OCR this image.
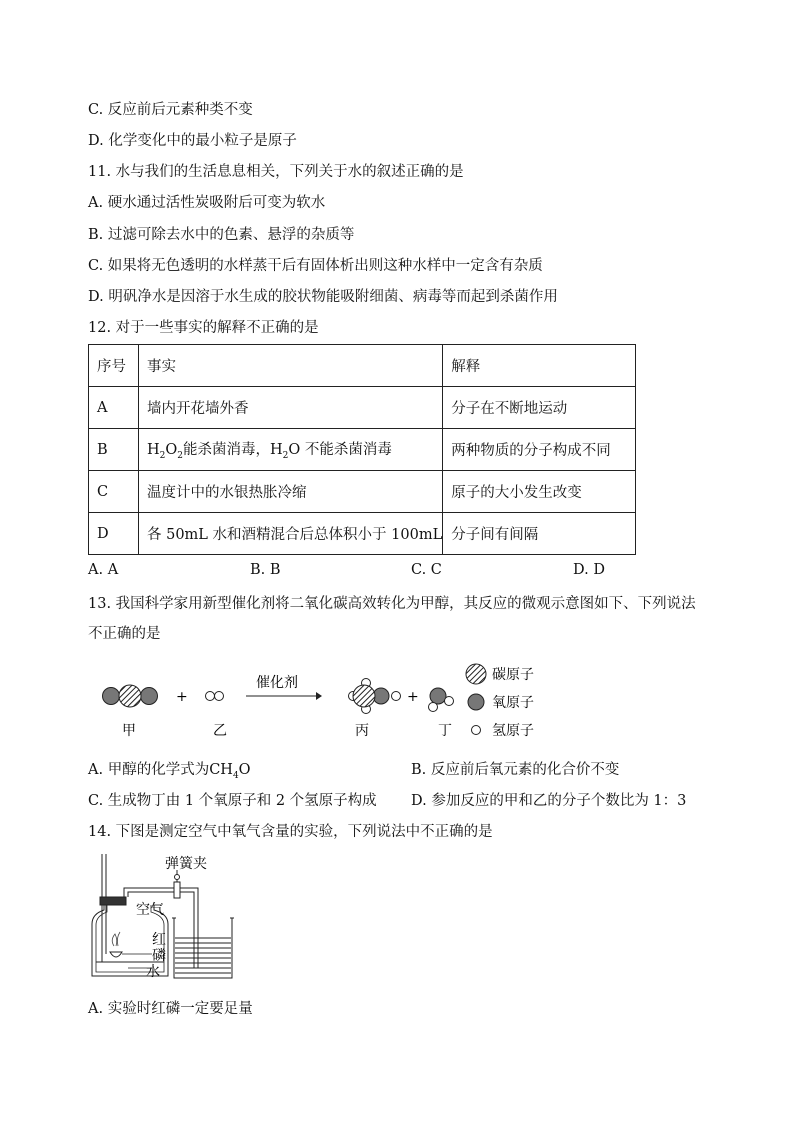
C. 反应前后元素种类不变
D. 化学变化中的最小粒子是原子
11. 水与我们的生活息息相关，下列关于水的叙述正确的是
A. 硬水通过活性炭吸附后可变为软水
B. 过滤可除去水中的色素、悬浮的杂质等
C. 如果将无色透明的水样蒸干后有固体析出则这种水样中一定含有杂质
D. 明矾净水是因溶于水生成的胶状物能吸附细菌、病毒等而起到杀菌作用
12. 对于一些事实的解释不正确的是
序号	事实	解释
A	墙内开花墙外香	分子在不断地运动
B	$H_2O_2$能杀菌消毒，$H_2O$ 不能杀菌消毒	两种物质的分子构成不同
C	温度计中的水银热胀冷缩	原子的大小发生改变
D	各 50mL 水和酒精混合后总体积小于 100mL	分子间有间隔
A. A	B. B	C. C	D. D
13. 我国科学家用新型催化剂将二氧化碳高效转化为甲醇，其反应的微观示意图如下、下列说法
不正确的是
+
催化剂
+
碳原子
氧原子
氢原子
甲	乙	丙	丁
A. 甲醇的化学式为$CH_4O$	B. 反应前后氧元素的化合价不变
C. 生成物丁由 1 个氧原子和 2 个氢原子构成 D. 参加反应的甲和乙的分子个数比为 1：3
14. 下图是测定空气中氧气含量的实验，下列说法中不正确的是
弹簧夹
空气
红
磷
水
A. 实验时红磷一定要足量
